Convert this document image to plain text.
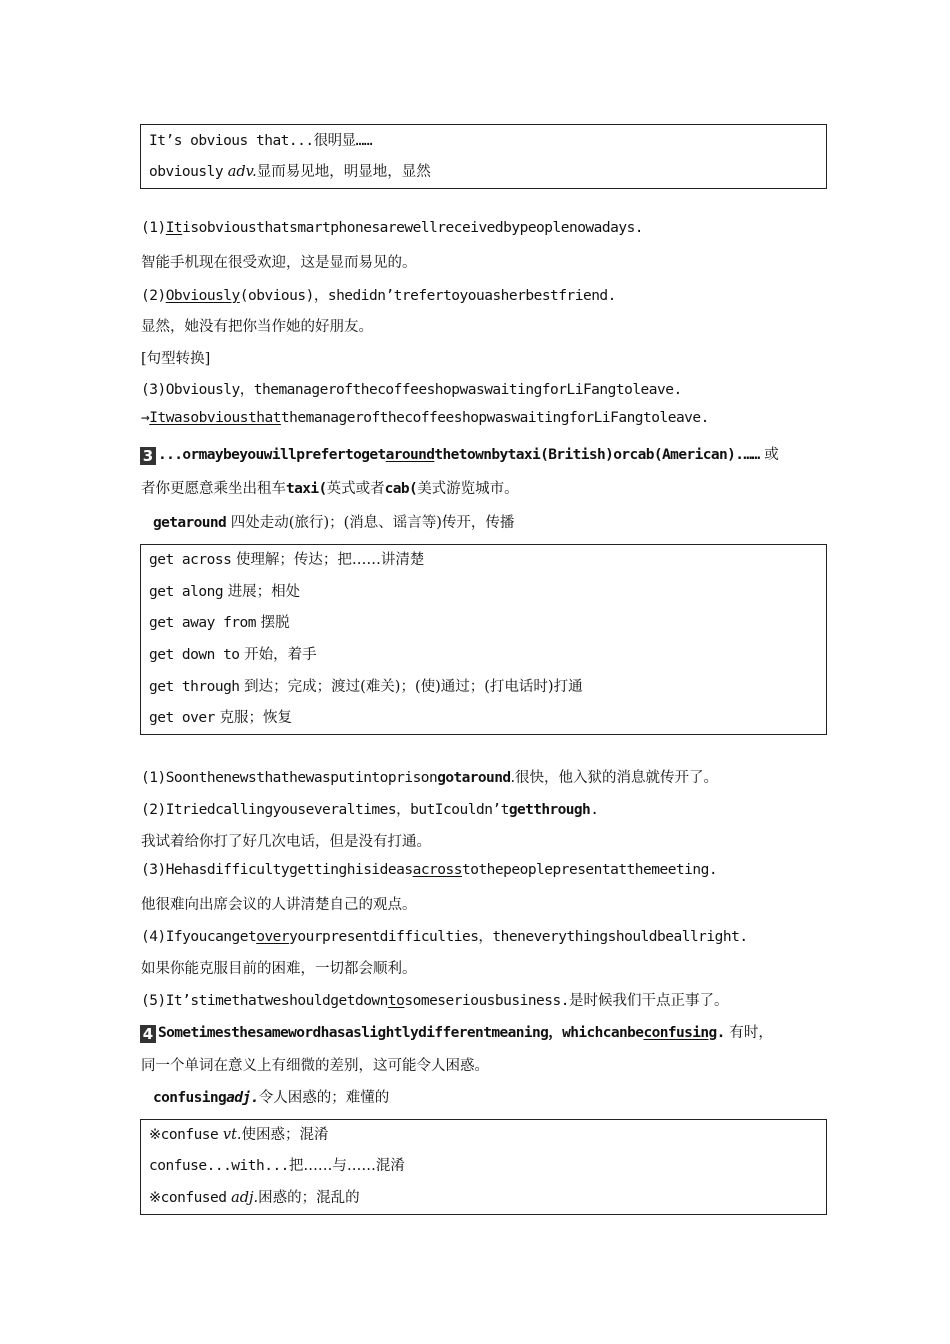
It’s obvious that...很明显……
obviously adv.显而易见地，明显地，显然
(1)Itisobviousthatsmartphonesarewellreceivedbypeoplenowadays.
智能手机现在很受欢迎，这是显而易见的。
(2)Obviously(obvious)，shedidn’trefertoyouasherbestfriend.
显然，她没有把你当作她的好朋友。
[句型转换]
(3)Obviously，themanagerofthecoffeeshopwaswaitingforLiFangtoleave.
→ItwasobviousthatthemanagerofthecoffeeshopwaswaitingforLiFangtoleave.
3 ...ormaybeyouwillprefertogetaroundthetownbytaxi(British)orcab(American).…… 或
者你更愿意乘坐出租车taxi(英式或者cab(美式游览城市。
getaround 四处走动(旅行)；(消息、谣言等)传开，传播
get across 使理解；传达；把……讲清楚
get along 进展；相处
get away from 摆脱
get down to 开始，着手
get through 到达；完成；渡过(难关)；(使)通过；(打电话时)打通
get over 克服；恢复
(1)Soonthenewsthathewasputintoprisongotaround.很快，他入狱的消息就传开了。
(2)Itriedcallingyouseveraltimes，butIcouldn’tgetthrough.
我试着给你打了好几次电话，但是没有打通。
(3)Hehasdifficultygettinghisideasacrosstothepeoplepresentatthemeeting.
他很难向出席会议的人讲清楚自己的观点。
(4)Ifyoucangetoveryourpresentdifficulties，theneverythingshouldbeallright.
如果你能克服目前的困难，一切都会顺利。
(5)It’stimethatweshouldgetdowntosomeseriousbusiness.是时候我们干点正事了。
4 Sometimesthesamewordhasaslightlydifferentmeaning，whichcanbeconfusing. 有时，
同一个单词在意义上有细微的差别，这可能令人困惑。
confusingadj.令人困惑的；难懂的
※confuse vt.使困惑；混淆
confuse...with...把……与……混淆
※confused adj.困惑的；混乱的
